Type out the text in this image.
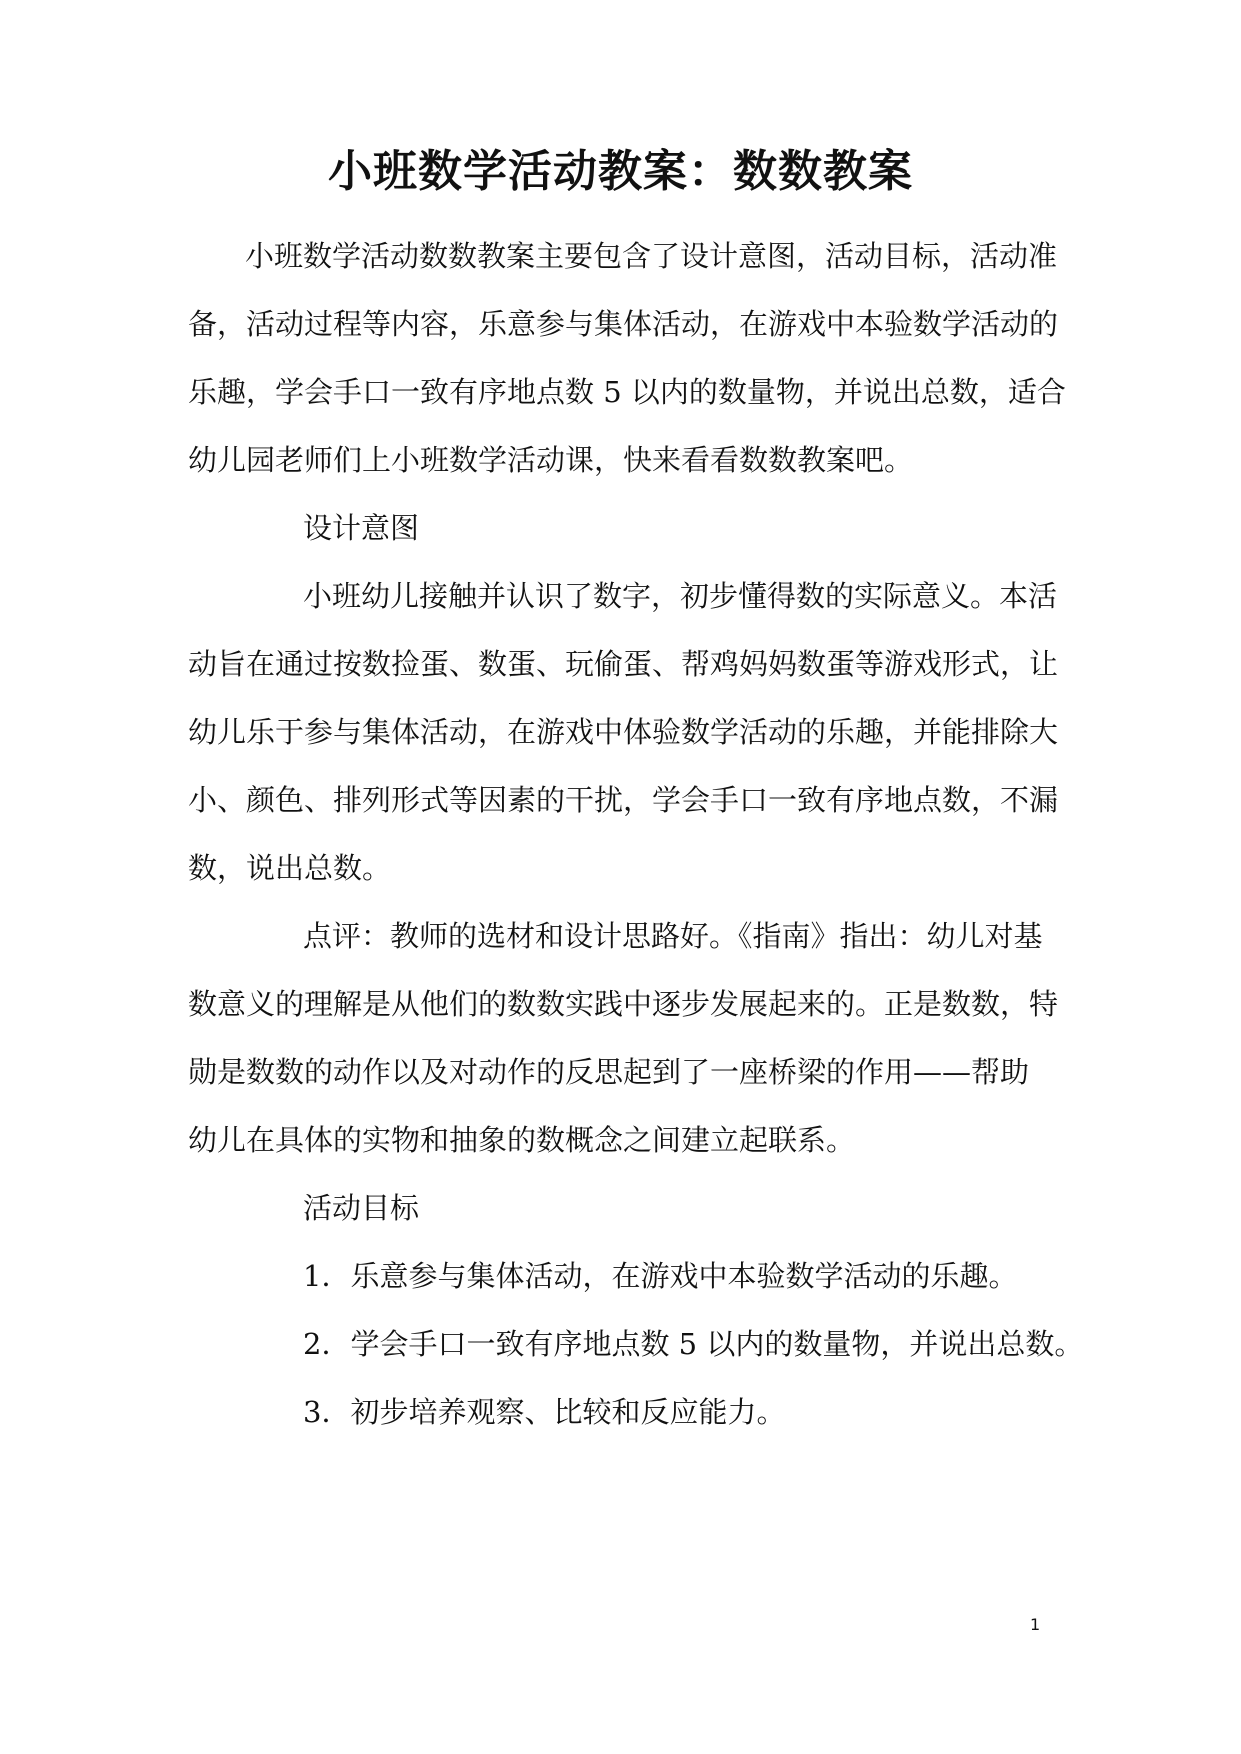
小班数学活动教案：数数教案
小班数学活动数数教案主要包含了设计意图，活动目标，活动准
备，活动过程等内容，乐意参与集体活动，在游戏中本验数学活动的
乐趣，学会手口一致有序地点数 5 以内的数量物，并说出总数，适合
幼儿园老师们上小班数学活动课，快来看看数数教案吧。
设计意图
小班幼儿接触并认识了数字，初步懂得数的实际意义。本活
动旨在通过按数捡蛋、数蛋、玩偷蛋、帮鸡妈妈数蛋等游戏形式，让
幼儿乐于参与集体活动，在游戏中体验数学活动的乐趣，并能排除大
小、颜色、排列形式等因素的干扰，学会手口一致有序地点数，不漏
数，说出总数。
点评：教师的选材和设计思路好。《指南》指出：幼儿对基
数意义的理解是从他们的数数实践中逐步发展起来的。正是数数，特
勋是数数的动作以及对动作的反思起到了一座桥梁的作用——帮助
幼儿在具体的实物和抽象的数概念之间建立起联系。
活动目标
1．乐意参与集体活动，在游戏中本验数学活动的乐趣。
2．学会手口一致有序地点数 5 以内的数量物，并说出总数。
3．初步培养观察、比较和反应能力。
1
